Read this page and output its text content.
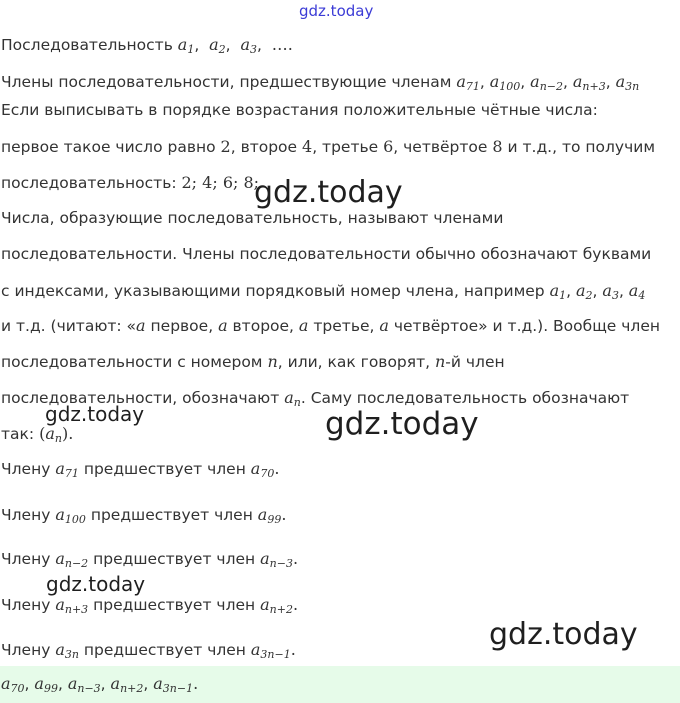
gdz.today
gdz.today
gdz.today	gdz.today
gdz.today
gdz.today
Последовательность $a_1$,  $a_2$,  $a_3$,  ….
Члены последовательности, предшествующие членам $a_{71}$, $a_{100}$, $a_{n-2}$, $a_{n+3}$, $a_{3n}$
Если выписывать в порядке возрастания положительные чётные числа:
первое такое число равно 2, второе 4, третье 6, четвёртое 8 и т.д., то получим
последовательность: 2; 4; 6; 8;
Числа, образующие последовательность, называют членами
последовательности. Члены последовательности обычно обозначают буквами
с индексами, указывающими порядковый номер члена, например $a_1$, $a_2$, $a_3$, $a_4$
и т.д. (читают: «a первое, a второе, a третье, a четвёртое» и т.д.). Вообще член
последовательности с номером n, или, как говорят, n-й член
последовательности, обозначают $a_n$. Саму последовательность обозначают
так: $(a_n)$.
Члену $a_{71}$ предшествует член $a_{70}$.
Члену $a_{100}$ предшествует член $a_{99}$.
Члену $a_{n-2}$ предшествует член $a_{n-3}$.
Члену $a_{n+3}$ предшествует член $a_{n+2}$.
Члену $a_{3n}$ предшествует член $a_{3n-1}$.
$a_{70}$, $a_{99}$, $a_{n-3}$, $a_{n+2}$, $a_{3n-1}$.
